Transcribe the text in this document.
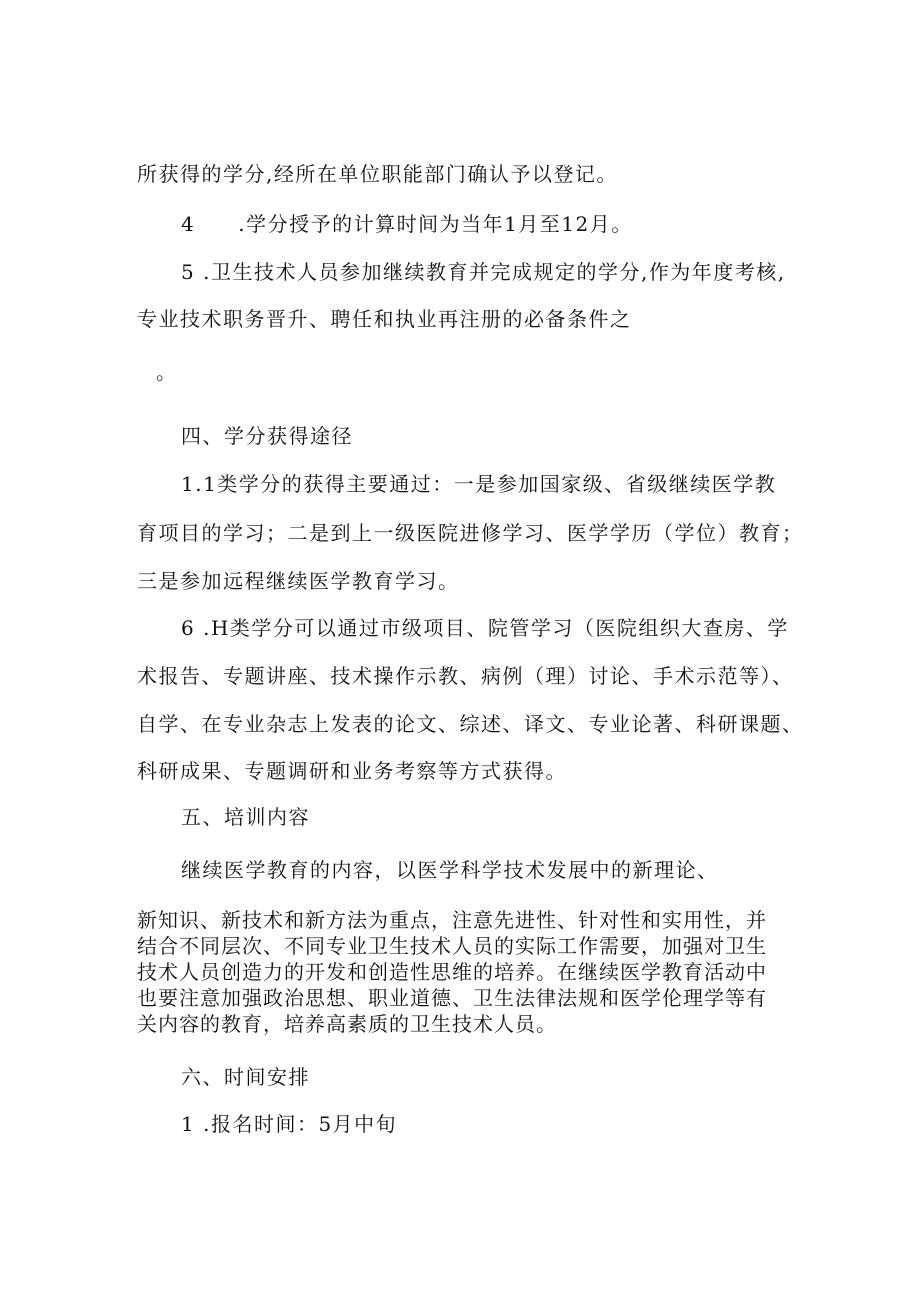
所获得的学分,经所在单位职能部门确认予以登记。
4　　.学分授予的计算时间为当年1月至12月。
5 .卫生技术人员参加继续教育并完成规定的学分,作为年度考核,
专业技术职务晋升、聘任和执业再注册的必备条件之
。
四、学分获得途径
1.1类学分的获得主要通过：一是参加国家级、省级继续医学教
育项目的学习；二是到上一级医院进修学习、医学学历（学位）教育；
三是参加远程继续医学教育学习。
6 .H类学分可以通过市级项目、院管学习（医院组织大查房、学
术报告、专题讲座、技术操作示教、病例（理）讨论、手术示范等）、
自学、在专业杂志上发表的论文、综述、译文、专业论著、科研课题、
科研成果、专题调研和业务考察等方式获得。
五、培训内容
继续医学教育的内容，以医学科学技术发展中的新理论、
新知识、新技术和新方法为重点，注意先进性、针对性和实用性，并
结合不同层次、不同专业卫生技术人员的实际工作需要，加强对卫生
技术人员创造力的开发和创造性思维的培养。在继续医学教育活动中
也要注意加强政治思想、职业道德、卫生法律法规和医学伦理学等有
关内容的教育，培养高素质的卫生技术人员。
六、时间安排
1 .报名时间：5月中旬
